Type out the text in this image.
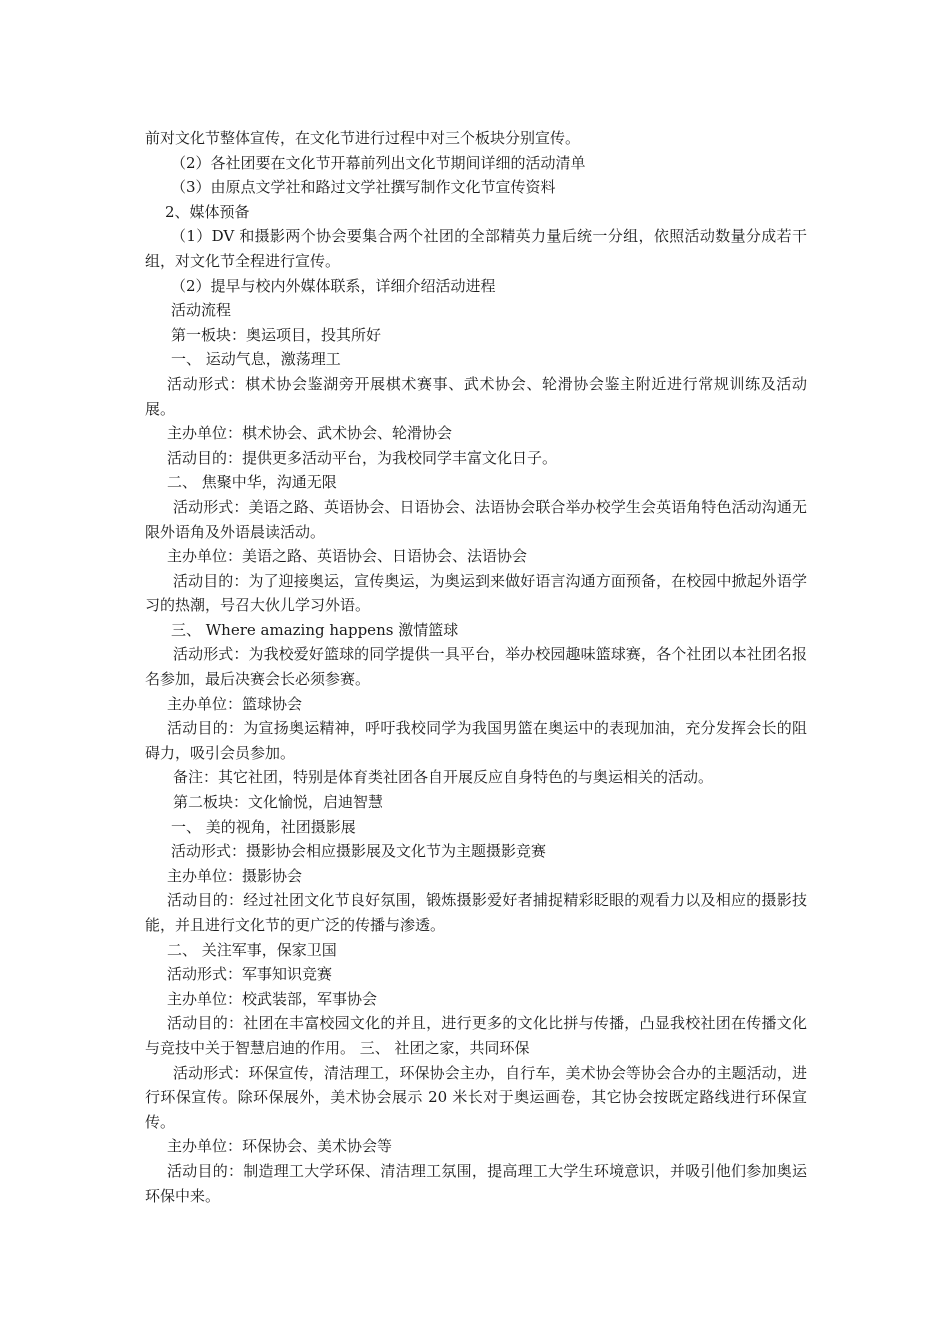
前对文化节整体宣传，在文化节进行过程中对三个板块分别宣传。

（2）各社团要在文化节开幕前列出文化节期间详细的活动清单

（3）由原点文学社和路过文学社撰写制作文化节宣传资料

2、媒体预备

（1）DV 和摄影两个协会要集合两个社团的全部精英力量后统一分组，依照活动数量分成若干组，对文化节全程进行宣传。

（2）提早与校内外媒体联系，详细介绍活动进程

活动流程

第一板块：奥运项目，投其所好

一、 运动气息，激荡理工

活动形式：棋术协会鉴湖旁开展棋术赛事、武术协会、轮滑协会鉴主附近进行常规训练及活动展。

主办单位：棋术协会、武术协会、轮滑协会

活动目的：提供更多活动平台，为我校同学丰富文化日子。

二、 焦聚中华，沟通无限

活动形式：美语之路、英语协会、日语协会、法语协会联合举办校学生会英语角特色活动沟通无限外语角及外语晨读活动。

主办单位：美语之路、英语协会、日语协会、法语协会

活动目的：为了迎接奥运，宣传奥运，为奥运到来做好语言沟通方面预备，在校园中掀起外语学习的热潮，号召大伙儿学习外语。

三、 Where amazing happens 激情篮球

活动形式：为我校爱好篮球的同学提供一具平台，举办校园趣味篮球赛，各个社团以本社团名报名参加，最后决赛会长必须参赛。

主办单位：篮球协会

活动目的：为宣扬奥运精神，呼吁我校同学为我国男篮在奥运中的表现加油，充分发挥会长的阻碍力，吸引会员参加。

备注：其它社团，特别是体育类社团各自开展反应自身特色的与奥运相关的活动。

第二板块：文化愉悦，启迪智慧

一、 美的视角，社团摄影展

活动形式：摄影协会相应摄影展及文化节为主题摄影竞赛

主办单位：摄影协会

活动目的：经过社团文化节良好氛围，锻炼摄影爱好者捕捉精彩眨眼的观看力以及相应的摄影技能，并且进行文化节的更广泛的传播与渗透。

二、 关注军事，保家卫国

活动形式：军事知识竞赛

主办单位：校武装部，军事协会

活动目的：社团在丰富校园文化的并且，进行更多的文化比拼与传播，凸显我校社团在传播文化与竞技中关于智慧启迪的作用。 三、 社团之家，共同环保

活动形式：环保宣传，清洁理工，环保协会主办，自行车，美术协会等协会合办的主题活动，进行环保宣传。除环保展外，美术协会展示 20 米长对于奥运画卷，其它协会按既定路线进行环保宣传。

主办单位：环保协会、美术协会等

活动目的：制造理工大学环保、清洁理工氛围，提高理工大学生环境意识，并吸引他们参加奥运环保中来。
